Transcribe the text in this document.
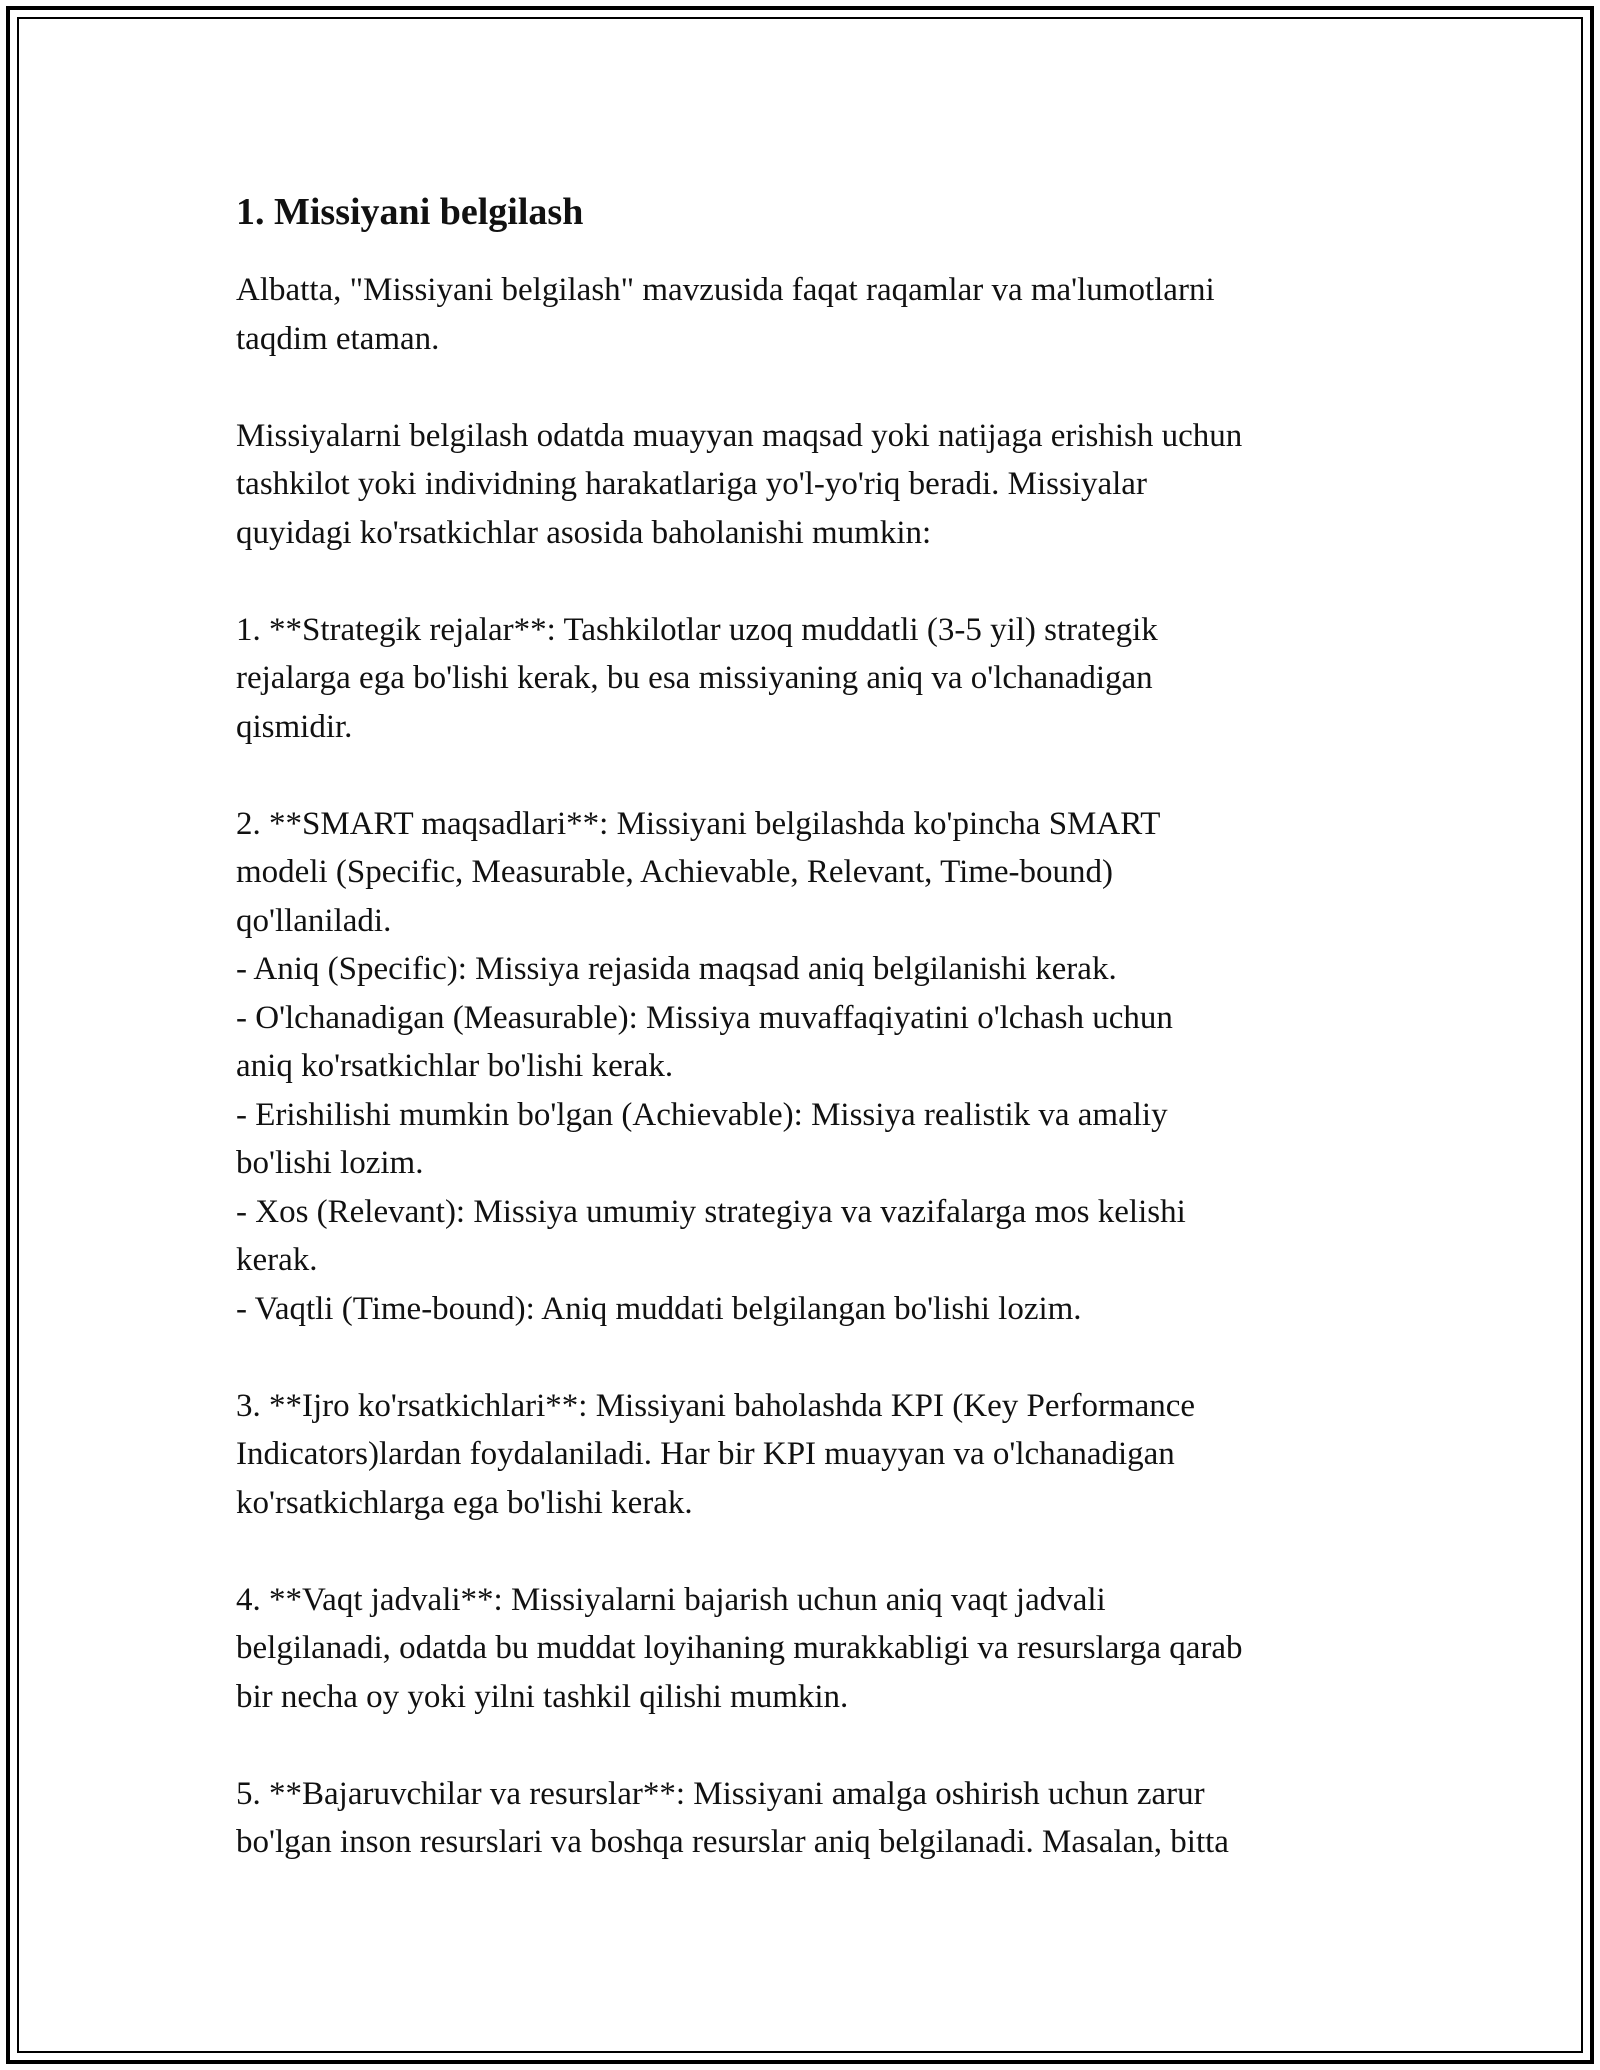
1. Missiyani belgilash

Albatta, "Missiyani belgilash" mavzusida faqat raqamlar va ma'lumotlarni
taqdim etaman.

Missiyalarni belgilash odatda muayyan maqsad yoki natijaga erishish uchun
tashkilot yoki individning harakatlariga yo'l-yo'riq beradi. Missiyalar
quyidagi ko'rsatkichlar asosida baholanishi mumkin:

1. **Strategik rejalar**: Tashkilotlar uzoq muddatli (3-5 yil) strategik
rejalarga ega bo'lishi kerak, bu esa missiyaning aniq va o'lchanadigan
qismidir.

2. **SMART maqsadlari**: Missiyani belgilashda ko'pincha SMART
modeli (Specific, Measurable, Achievable, Relevant, Time-bound)
qo'llaniladi.
- Aniq (Specific): Missiya rejasida maqsad aniq belgilanishi kerak.
- O'lchanadigan (Measurable): Missiya muvaffaqiyatini o'lchash uchun
aniq ko'rsatkichlar bo'lishi kerak.
- Erishilishi mumkin bo'lgan (Achievable): Missiya realistik va amaliy
bo'lishi lozim.
- Xos (Relevant): Missiya umumiy strategiya va vazifalarga mos kelishi
kerak.
- Vaqtli (Time-bound): Aniq muddati belgilangan bo'lishi lozim.

3. **Ijro ko'rsatkichlari**: Missiyani baholashda KPI (Key Performance
Indicators)lardan foydalaniladi. Har bir KPI muayyan va o'lchanadigan
ko'rsatkichlarga ega bo'lishi kerak.

4. **Vaqt jadvali**: Missiyalarni bajarish uchun aniq vaqt jadvali
belgilanadi, odatda bu muddat loyihaning murakkabligi va resurslarga qarab
bir necha oy yoki yilni tashkil qilishi mumkin.

5. **Bajaruvchilar va resurslar**: Missiyani amalga oshirish uchun zarur
bo'lgan inson resurslari va boshqa resurslar aniq belgilanadi. Masalan, bitta
